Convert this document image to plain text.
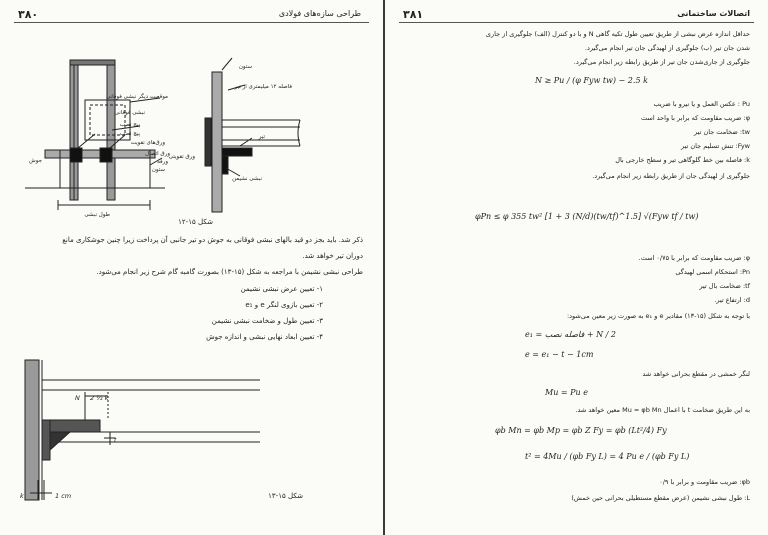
۳۸۰	طراحی سازه‌های فولادی
موقعیت دیگر نبشی فوقانی
نبشی فوقانی
پیچ نصب
پیچ نصب
ورق‌های تقویت
ورق اتصال
ورقه
ستون
جوش
طول نبشی
ستون
فاصله ۱۲ میلیمتری از تیر
تیر
نبشی نشیمن
ورق تقویتی
شکل ۱۵-۱۲
ذکر شد. باید بجز دو قید بالهای نبشی فوقانی به جوش دو تیر جانبی آن پرداخت زیرا چنین جوشکاری مانع
دوران تیر خواهد شد.
طراحی نبشی نشیمن با مراجعه به شکل (۱۵-۱۳) بصورت گامبه گام شرح زیر انجام می‌شود.
۱- تعیین عرض نبشی نشیمن
۲- تعیین بازوی لنگر e و e₁
۳- تعیین طول و ضخامت نبشی نشیمن
۴- تعیین ابعاد نهایی نبشی و اندازه جوش
N 2 ½ k
t
1 cm
k	شکل ۱۵-۱۳
۳۸۱	اتصالات ساختمانی
حداقل اندازه عرض نبشی از طریق تعیین طول تکیه گاهی N و با دو کنترل (الف) جلوگیری از جاری
شدن جان تیر (ب) جلوگیری از لهیدگی جان تیر انجام می‌گیرد.
جلوگیری از جاری‌شدن جان تیر از طریق رابطه زیر انجام می‌گیرد.
N ≥ Pu / (φ Fyw tw) − 2.5 k
Pu : عکس العمل و یا نیرو با ضریب
φ: ضریب مقاومت که برابر با واحد است
tw: ضخامت جان تیر
Fyw: تنش تسلیم جان تیر
k: فاصله بین خط گلوگاهی تیر و سطح خارجی بال
جلوگیری از لهیدگی جان از طریق رابطه زیر انجام می‌گیرد.
φPn ≤ φ 355 tw² [1 + 3 (N/d)(tw/tf)^1.5] √(Fyw tf / tw)
φ: ضریب مقاومت که برابر با ۰/۷۵ است.
Pn: استحکام اسمی لهیدگی
tf: ضخامت بال تیر
d: ارتفاع تیر.
با توجه به شکل (۱۵-۱۳) مقادیر e و e₁ به صورت زیر معین می‌شود:
e₁ = فاصله نصب + N / 2
e = e₁ − t − 1cm
لنگر خمشی در مقطع بحرانی خواهد شد
Mu = Pu e
به این طریق ضخامت t با اعمال Mu = φb Mn معین خواهد شد.
φb Mn = φb Mp = φb Z Fy = φb (Lt²/4) Fy
t² = 4Mu / (φb Fy L) = 4 Pu e / (φb Fy L)
φb: ضریب مقاومت و برابر با ۰/۹
L: طول نبشی نشیمن (عرض مقطع مستطیلی بحرانی حین خمش)
